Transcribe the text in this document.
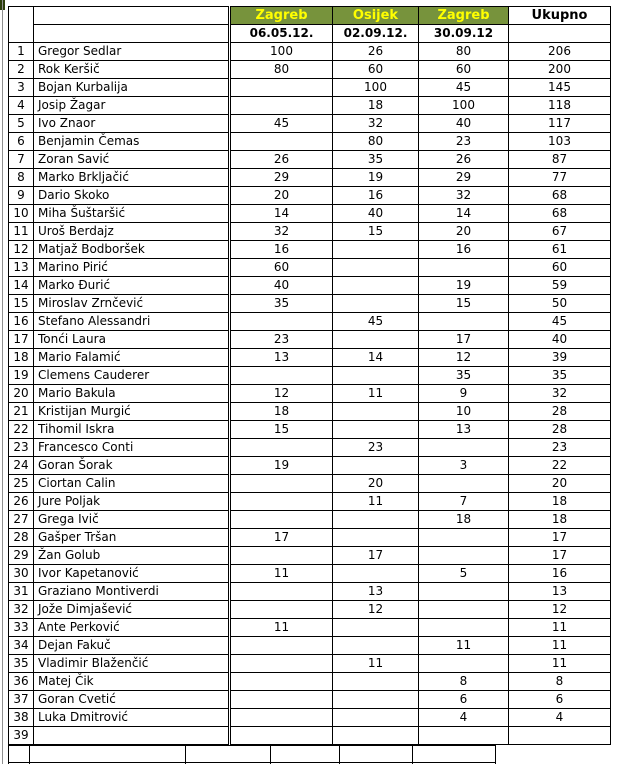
		Zagreb	Osijek	Zagreb	Ukupno
		06.05.12.	02.09.12.	30.09.12	
1	Gregor Sedlar	100	26	80	206
2	Rok Keršič	80	60	60	200
3	Bojan Kurbalija		100	45	145
4	Josip Žagar		18	100	118
5	Ivo Znaor	45	32	40	117
6	Benjamin Čemas		80	23	103
7	Zoran Savić	26	35	26	87
8	Marko Brkljačić	29	19	29	77
9	Dario Skoko	20	16	32	68
10	Miha Šuštaršić	14	40	14	68
11	Uroš Berdajz	32	15	20	67
12	Matjaž Bodboršek	16		16	61
13	Marino Pirić	60			60
14	Marko Đurić	40		19	59
15	Miroslav Zrnčević	35		15	50
16	Stefano Alessandri		45		45
17	Tonći Laura	23		17	40
18	Mario Falamić	13	14	12	39
19	Clemens Cauderer			35	35
20	Mario Bakula	12	11	9	32
21	Kristijan Murgić	18		10	28
22	Tihomil Iskra	15		13	28
23	Francesco Conti		23		23
24	Goran Šorak	19		3	22
25	Ciortan Calin		20		20
26	Jure Poljak		11	7	18
27	Grega Ivič			18	18
28	Gašper Tršan	17			17
29	Žan Golub		17		17
30	Ivor Kapetanović	11		5	16
31	Graziano Montiverdi		13		13
32	Jože Dimjašević		12		12
33	Ante Perković	11			11
34	Dejan Fakuč			11	11
35	Vladimir Blaženčić		11		11
36	Matej Čik			8	8
37	Goran Cvetić			6	6
38	Luka Dmitrović			4	4
39					
